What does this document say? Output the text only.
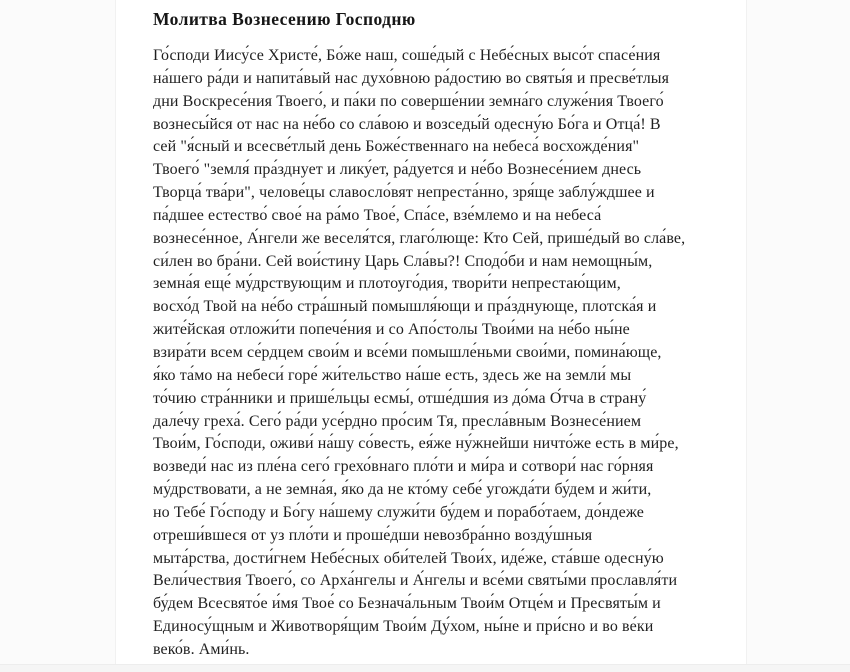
Молитва Вознесению Господню
Го́споди Иису́се Христе́, Бо́же наш, соше́дый с Небе́сных высо́т спасе́ния
на́шего ра́ди и напита́вый нас духо́вною ра́достию во святы́я и пресве́тлыя
дни Воскресе́ния Твоего́, и па́ки по соверше́нии земна́го служе́ния Твоего́
вознесы́йся от нас на не́бо со сла́вою и возседы́й одесну́ю Бо́га и Отца́! В
сей "я́сный и всесве́тлый день Боже́ственнаго на небеса́ восхожде́ния"
Твоего́ "земля́ пра́зднует и лику́ет, ра́дуется и не́бо Вознесе́нием днесь
Творца́ тва́ри", челове́цы славосло́вят непреста́нно, зря́ще заблу́ждшее и
па́дшее естество́ свое́ на ра́мо Твое́, Спа́се, взе́млемо и на небеса́
вознесе́нное, А́нгели же веселя́тся, глаго́люще: Кто Сей, прише́дый во сла́ве,
си́лен во бра́ни. Сей вои́стину Царь Сла́вы?! Сподо́би и нам немощны́м,
земна́я еще́ му́дрствующим и плотоуго́дия, твори́ти непрестаю́щим,
восхо́д Твой на не́бо стра́шный помышля́ющи и пра́зднующе, плотска́я и
жите́йская отложи́ти попече́ния и со Апо́столы Твои́ми на не́бо ны́не
взира́ти всем се́рдцем свои́м и все́ми помышле́ньми свои́ми, помина́юще,
я́ко та́мо на небеси́ горе́ жи́тельство на́ше есть, здесь же на земли́ мы
то́чию стра́нники и прише́льцы есмы́, отше́дшия из до́ма О́тча в страну́
дале́чу греха́. Сего́ ра́ди усе́рдно про́сим Тя, пресла́вным Вознесе́нием
Твои́м, Го́споди, оживи́ на́шу со́весть, ея́же ну́жнейши ничто́же есть в ми́ре,
возведи́ нас из пле́на сего́ грехо́внаго пло́ти и ми́ра и сотвори́ нас го́рняя
му́дрствовати, а не земна́я, я́ко да не кто́му себе́ угожда́ти бу́дем и жи́ти,
но Тебе́ Го́споду и Бо́гу на́шему служи́ти бу́дем и порабо́таем, до́ндеже
отреши́вшеся от уз пло́ти и проше́дши невозбра́нно возду́шныя
мыта́рства, дости́гнем Небе́сных оби́телей Твои́х, иде́же, ста́вше одесну́ю
Вели́чествия Твоего́, со Арха́нгелы и А́нгелы и все́ми святы́ми прославля́ти
бу́дем Всесвято́е и́мя Твое́ со Безнача́льным Твои́м Отце́м и Пресвяты́м и
Единосу́щным и Животворя́щим Твои́м Ду́хом, ны́не и при́сно и во ве́ки
веко́в. Ами́нь.
